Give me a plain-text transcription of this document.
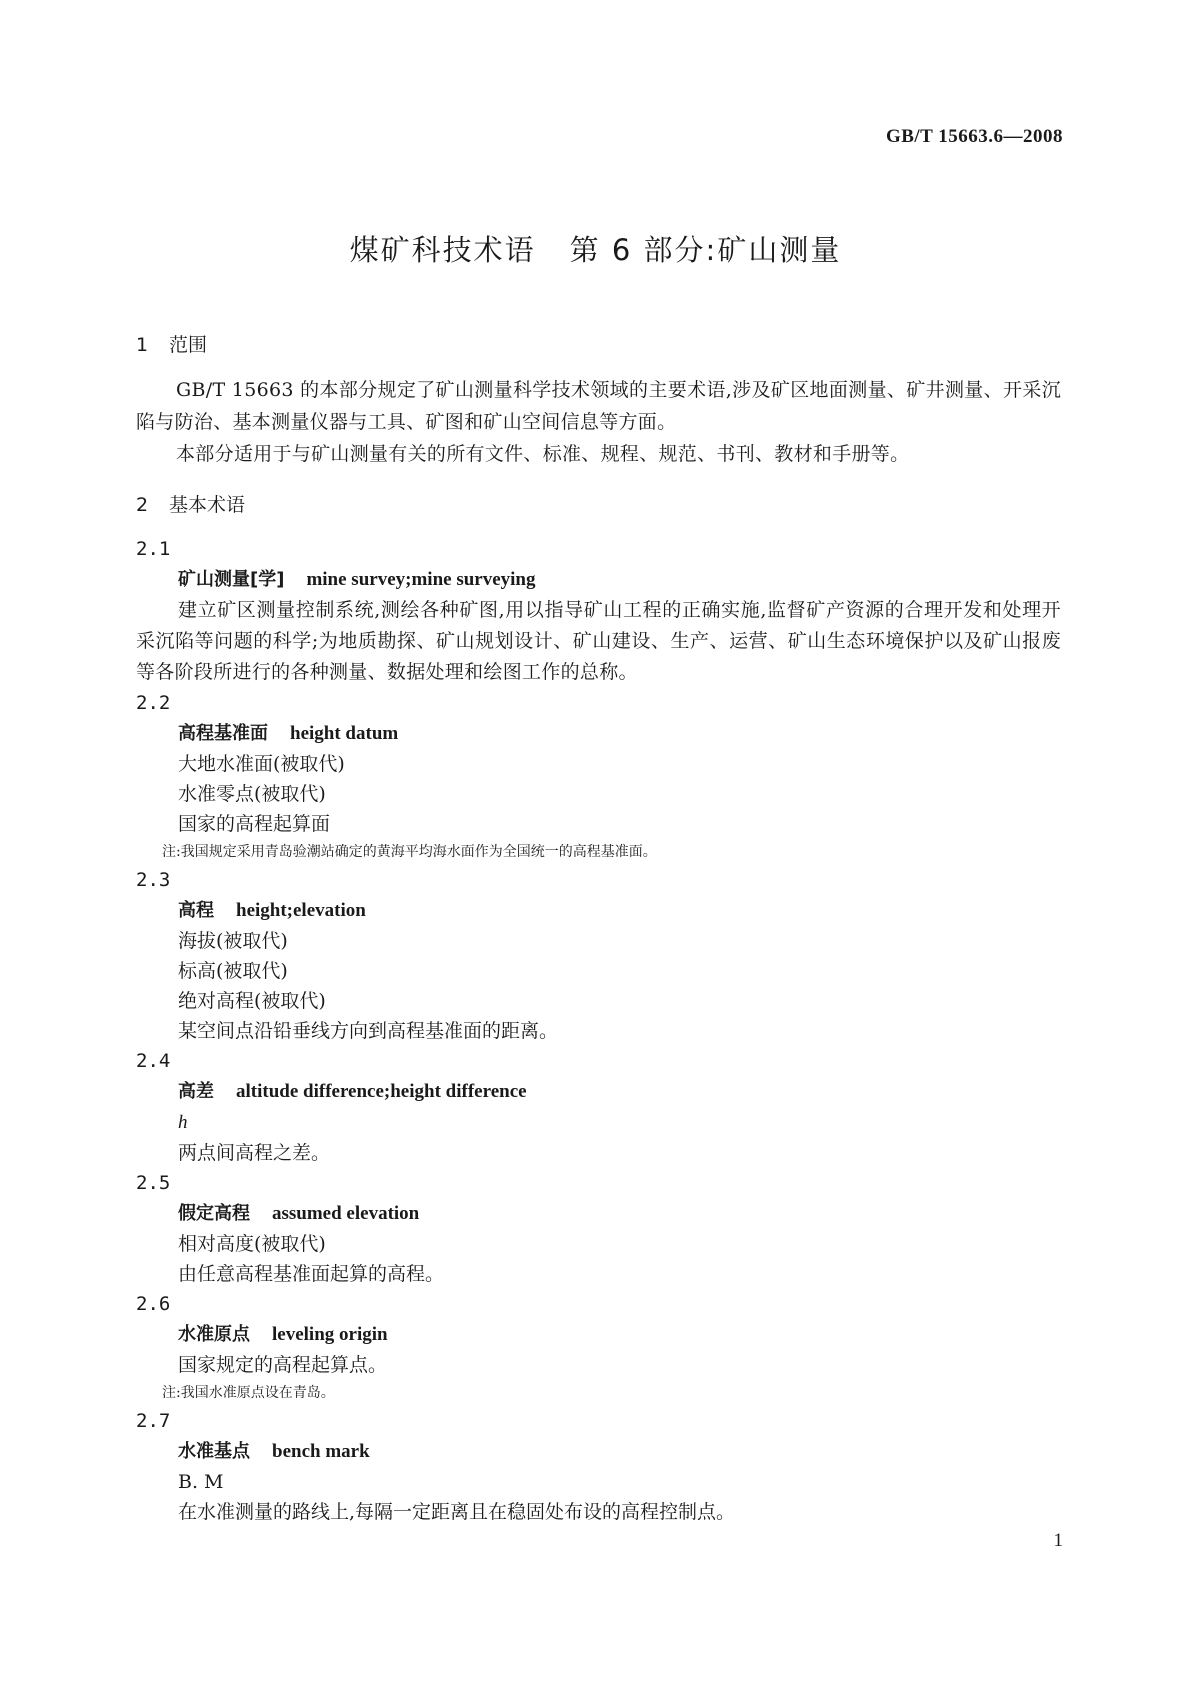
GB/T 15663.6—2008
煤矿科技术语 第 6 部分:矿山测量

1 范围

GB/T 15663 的本部分规定了矿山测量科学技术领域的主要术语,涉及矿区地面测量、矿井测量、开采沉陷与防治、基本测量仪器与工具、矿图和矿山空间信息等方面。

本部分适用于与矿山测量有关的所有文件、标准、规程、规范、书刊、教材和手册等。

2 基本术语

2.1

矿山测量[学] mine survey;mine surveying

建立矿区测量控制系统,测绘各种矿图,用以指导矿山工程的正确实施,监督矿产资源的合理开发和处理开采沉陷等问题的科学;为地质勘探、矿山规划设计、矿山建设、生产、运营、矿山生态环境保护以及矿山报废等各阶段所进行的各种测量、数据处理和绘图工作的总称。

2.2

高程基准面 height datum

大地水准面(被取代)

水准零点(被取代)

国家的高程起算面

注:我国规定采用青岛验潮站确定的黄海平均海水面作为全国统一的高程基准面。

2.3

高程 height;elevation

海拔(被取代)

标高(被取代)

绝对高程(被取代)

某空间点沿铅垂线方向到高程基准面的距离。

2.4

高差 altitude difference;height difference

h

两点间高程之差。

2.5

假定高程 assumed elevation

相对高度(被取代)

由任意高程基准面起算的高程。

2.6

水准原点 leveling origin

国家规定的高程起算点。

注:我国水准原点设在青岛。

2.7

水准基点 bench mark

B. M

在水准测量的路线上,每隔一定距离且在稳固处布设的高程控制点。

1
